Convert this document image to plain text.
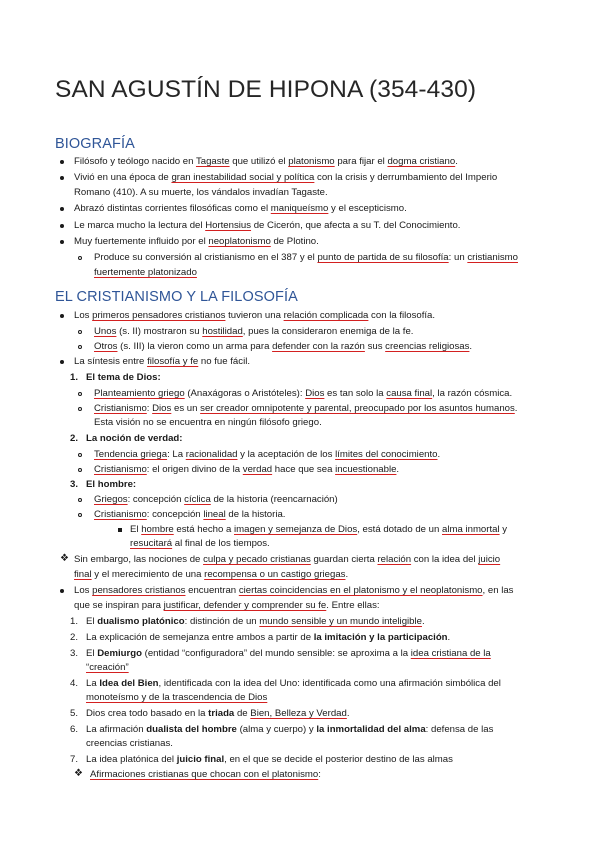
SAN AGUSTÍN DE HIPONA (354-430)
BIOGRAFÍA
Filósofo y teólogo nacido en Tagaste que utilizó el platonismo para fijar el dogma cristiano.
Vivió en una época de gran inestabilidad social y política con la crisis y derrumbamiento del Imperio
Romano (410). A su muerte, los vándalos invadían Tagaste.
Abrazó distintas corrientes filosóficas como el maniqueísmo y el escepticismo.
Le marca mucho la lectura del Hortensius de Cicerón, que afecta a su T. del Conocimiento.
Muy fuertemente influido por el neoplatonismo de Plotino.
Produce su conversión al cristianismo en el 387 y el punto de partida de su filosofía: un cristianismo
fuertemente platonizado
EL CRISTIANISMO Y LA FILOSOFÍA
Los primeros pensadores cristianos tuvieron una relación complicada con la filosofía.
Unos (s. II) mostraron su hostilidad, pues la consideraron enemiga de la fe.
Otros (s. III) la vieron como un arma para defender con la razón sus creencias religiosas.
La síntesis entre filosofía y fe no fue fácil.
1. El tema de Dios:
Planteamiento griego (Anaxágoras o Aristóteles): Dios es tan solo la causa final, la razón cósmica.
Cristianismo: Dios es un ser creador omnipotente y parental, preocupado por los asuntos humanos.
Esta visión no se encuentra en ningún filósofo griego.
2. La noción de verdad:
Tendencia griega: La racionalidad y la aceptación de los límites del conocimiento.
Cristianismo: el origen divino de la verdad hace que sea incuestionable.
3. El hombre:
Griegos: concepción cíclica de la historia (reencarnación)
Cristianismo: concepción lineal de la historia.
El hombre está hecho a imagen y semejanza de Dios, está dotado de un alma inmortal y
resucitará al final de los tiempos.
❖ Sin embargo, las nociones de culpa y pecado cristianas guardan cierta relación con la idea del juicio
final y el merecimiento de una recompensa o un castigo griegas.
Los pensadores cristianos encuentran ciertas coincidencias en el platonismo y el neoplatonismo, en las
que se inspiran para justificar, defender y comprender su fe. Entre ellas:
1. El dualismo platónico: distinción de un mundo sensible y un mundo inteligible.
2. La explicación de semejanza entre ambos a partir de la imitación y la participación.
3. El Demiurgo (entidad “configuradora” del mundo sensible: se aproxima a la idea cristiana de la
“creación”
4. La Idea del Bien, identificada con la idea del Uno: identificada como una afirmación simbólica del
monoteísmo y de la trascendencia de Dios
5. Dios crea todo basado en la triada de Bien, Belleza y Verdad.
6. La afirmación dualista del hombre (alma y cuerpo) y la inmortalidad del alma: defensa de las
creencias cristianas.
7. La idea platónica del juicio final, en el que se decide el posterior destino de las almas
❖ Afirmaciones cristianas que chocan con el platonismo:
